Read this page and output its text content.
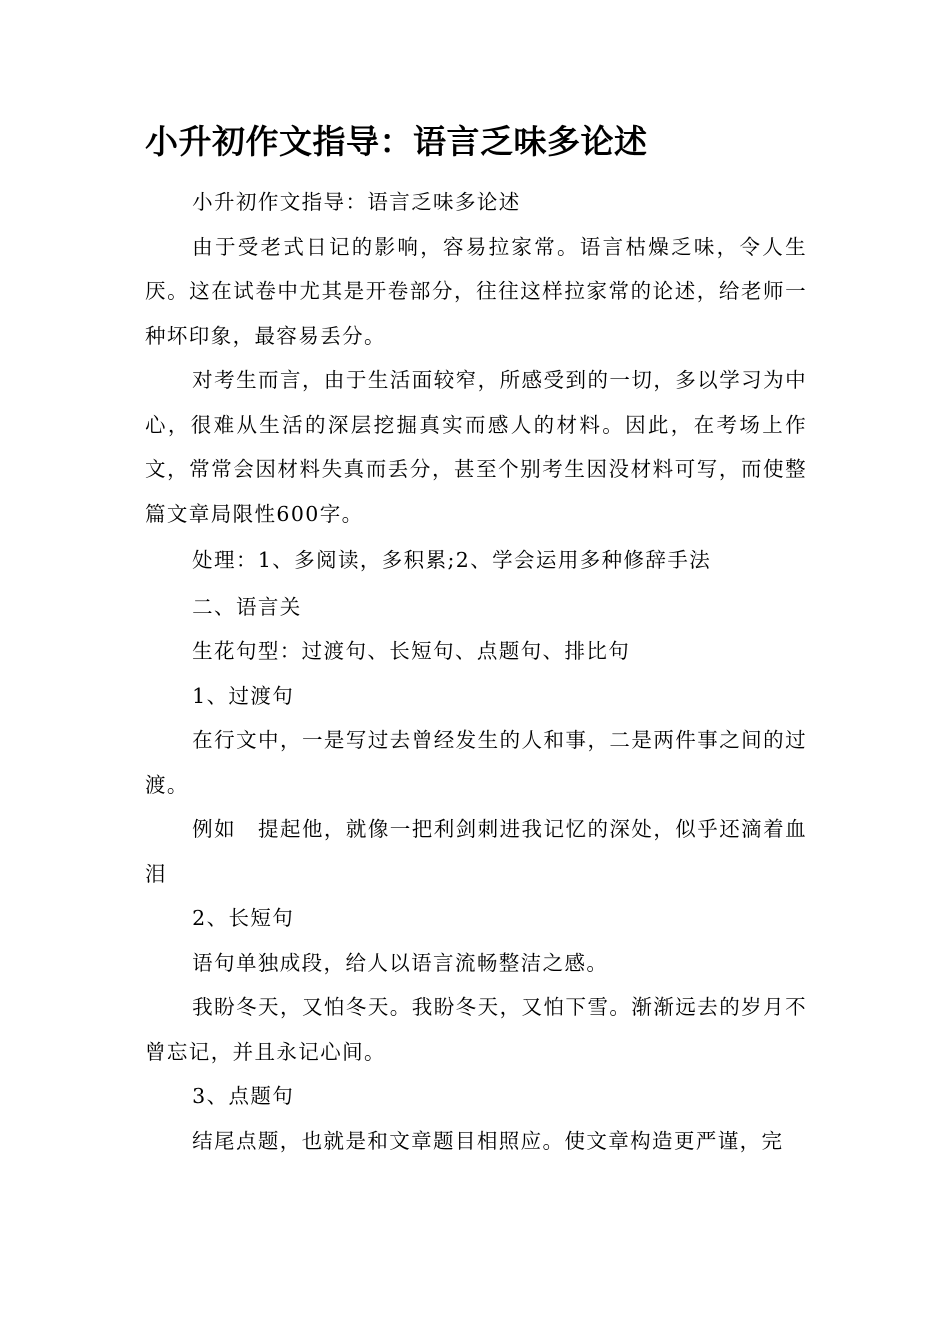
小升初作文指导：语言乏味多论述

小升初作文指导：语言乏味多论述

由于受老式日记的影响，容易拉家常。语言枯燥乏味，令人生厌。这在试卷中尤其是开卷部分，往往这样拉家常的论述，给老师一种坏印象，最容易丢分。

对考生而言，由于生活面较窄，所感受到的一切，多以学习为中心，很难从生活的深层挖掘真实而感人的材料。因此，在考场上作文，常常会因材料失真而丢分，甚至个别考生因没材料可写，而使整篇文章局限性600字。

处理：1、多阅读，多积累;2、学会运用多种修辞手法

二、语言关

生花句型：过渡句、长短句、点题句、排比句

1、过渡句

在行文中，一是写过去曾经发生的人和事，二是两件事之间的过渡。

例如　提起他，就像一把利剑刺进我记忆的深处，似乎还滴着血泪

2、长短句

语句单独成段，给人以语言流畅整洁之感。

我盼冬天，又怕冬天。我盼冬天，又怕下雪。渐渐远去的岁月不曾忘记，并且永记心间。

3、点题句

结尾点题，也就是和文章题目相照应。使文章构造更严谨，完
